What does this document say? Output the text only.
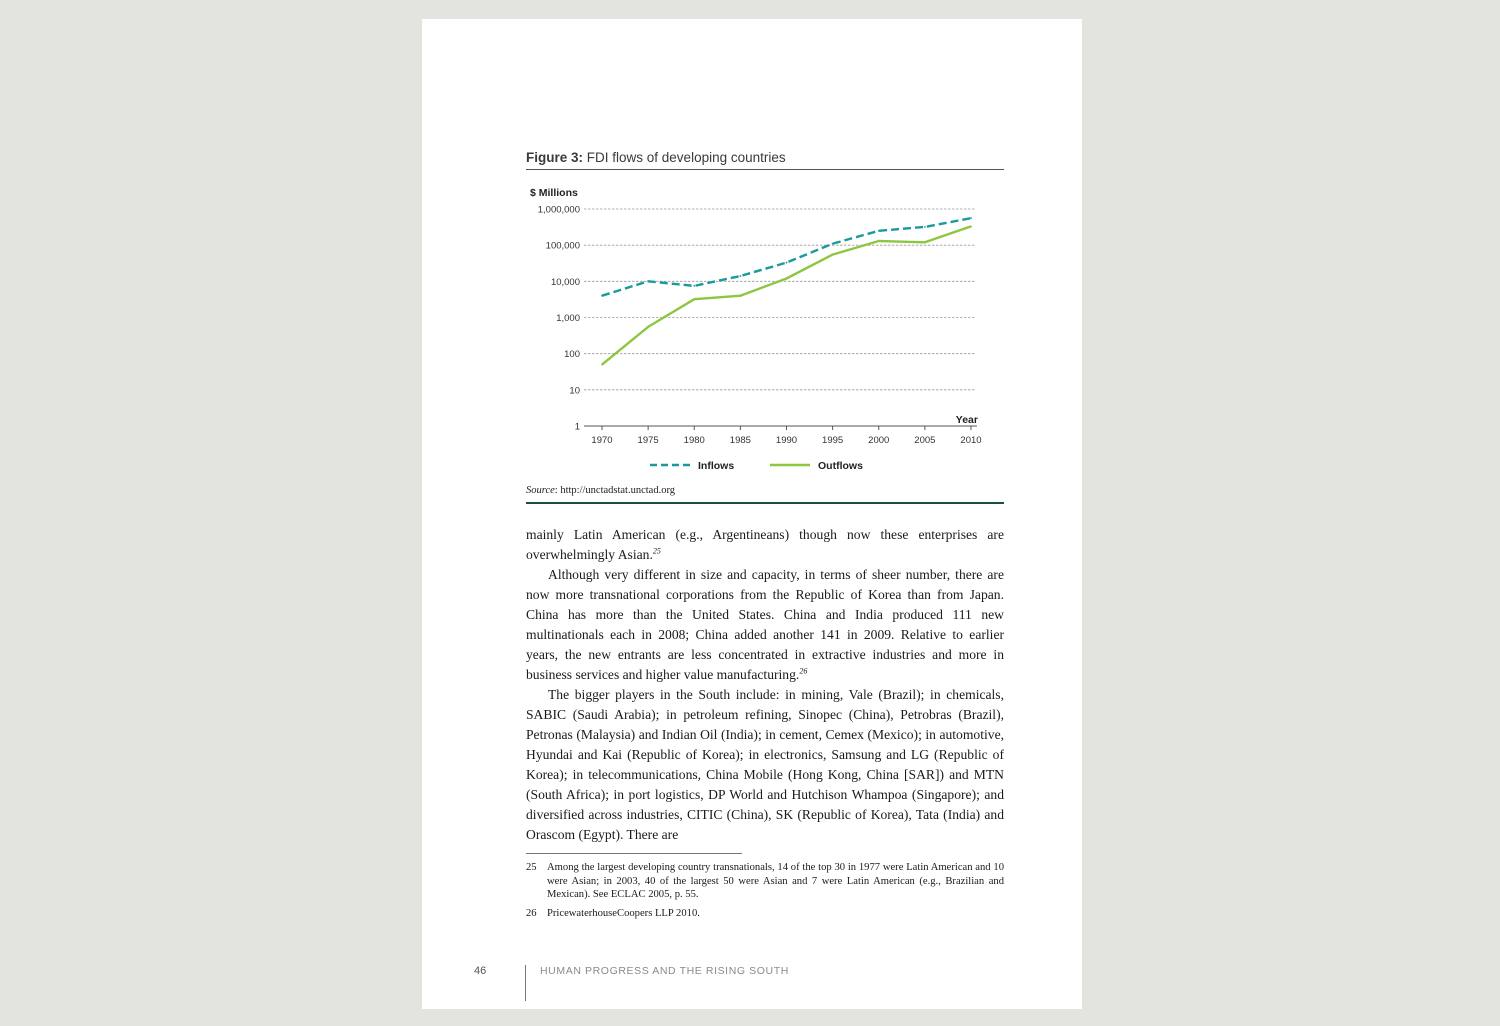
Figure 3: FDI flows of developing countries
1
10
100
1,000
10,000
100,000
1,000,000
1970	1975	1980	1985	1990	1995	2000	2005	2010
$ Millions
Year
Inflows	Outflows
Source: http://unctadstat.unctad.org

mainly Latin American (e.g., Argentineans) though now these enterprises are overwhelmingly Asian.$^{25}$

Although very different in size and capacity, in terms of sheer number, there are now more transnational corporations from the Republic of Korea than from Japan. China has more than the United States. China and India produced 111 new multinationals each in 2008; China added another 141 in 2009. Relative to earlier years, the new entrants are less concentrated in extractive industries and more in business services and higher value manufacturing.$^{26}$

The bigger players in the South include: in mining, Vale (Brazil); in chemicals, SABIC (Saudi Arabia); in petroleum refining, Sinopec (China), Petrobras (Brazil), Petronas (Malaysia) and Indian Oil (India); in cement, Cemex (Mexico); in automotive, Hyundai and Kai (Republic of Korea); in electronics, Samsung and LG (Republic of Korea); in telecommunications, China Mobile (Hong Kong, China [SAR]) and MTN (South Africa); in port logistics, DP World and Hutchison Whampoa (Singapore); and diversified across industries, CITIC (China), SK (Republic of Korea), Tata (India) and Orascom (Egypt). There are

25 Among the largest developing country transnationals, 14 of the top 30 in 1977 were Latin American and 10 were Asian; in 2003, 40 of the largest 50 were Asian and 7 were Latin American (e.g., Brazilian and Mexican). See ECLAC 2005, p. 55.
26 PricewaterhouseCoopers LLP 2010.
46	HUMAN PROGRESS AND THE RISING SOUTH
